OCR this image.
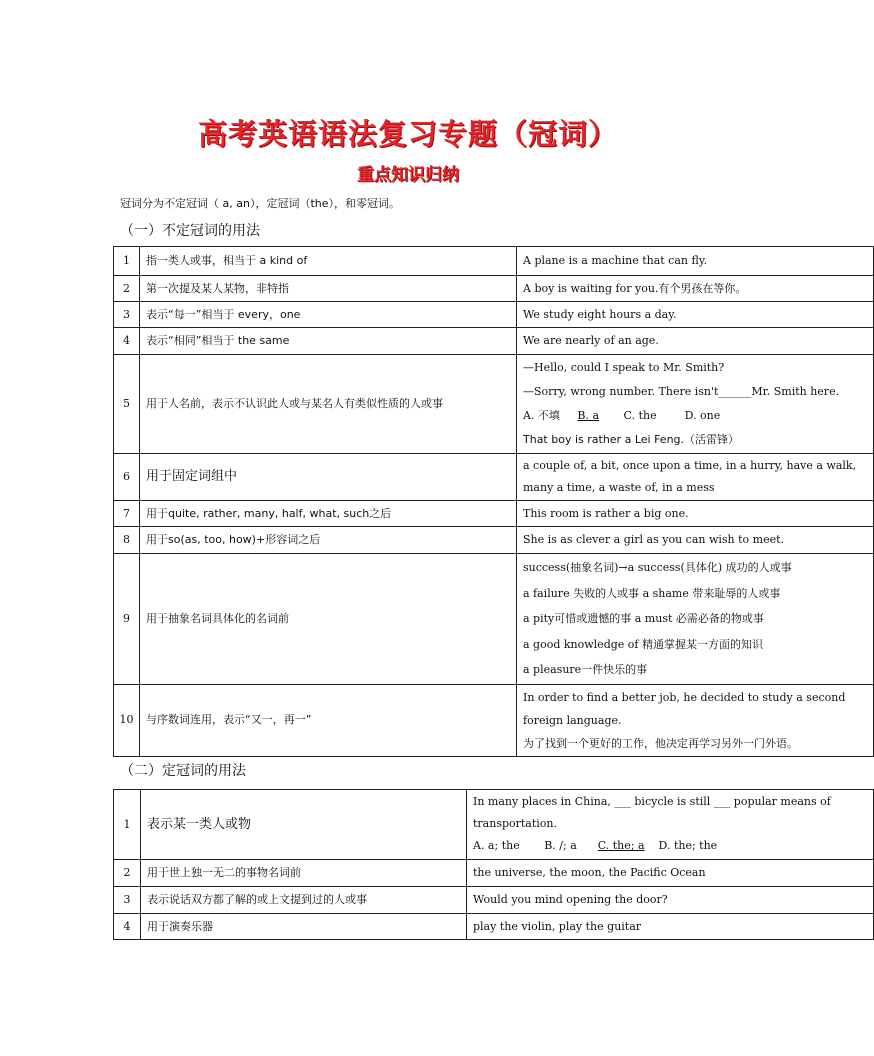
高考英语语法复习专题（冠词）
重点知识归纳
冠词分为不定冠词（ a, an），定冠词（the），和零冠词。
（一）不定冠词的用法
1	指一类人或事，相当于 a kind of	A plane is a machine that can fly.
2	第一次提及某人某物，非特指	A boy is waiting for you.有个男孩在等你。
3	表示“每一”相当于 every，one	We study eight hours a day.
4	表示“相同”相当于 the same	We are nearly of an age.
5	用于人名前，表示不认识此人或与某名人有类似性质的人或事	—Hello, could I speak to Mr. Smith?
—Sorry, wrong number. There isn't______Mr. Smith here.
A. 不填 B. a C. the D. one
That boy is rather a Lei Feng.（活雷锋）

6	用于固定词组中	a couple of, a bit, once upon a time, in a hurry, have a walk,
many a time, a waste of, in a mess

7	用于quite, rather, many, half, what, such之后	This room is rather a big one.
8	用于so(as, too, how)+形容词之后	She is as clever a girl as you can wish to meet.
9	用于抽象名词具体化的名词前	success(抽象名词)→a success(具体化) 成功的人或事
a failure 失败的人或事 a shame 带来耻辱的人或事
a pity可惜或遗憾的事 a must 必需必备的物或事
a good knowledge of 精通掌握某一方面的知识
a pleasure一件快乐的事

10	与序数词连用，表示“又一，再一”	In order to find a better job, he decided to study a second
foreign language.
为了找到一个更好的工作，他决定再学习另外一门外语。
（二）定冠词的用法
1	表示某一类人或物	In many places in China, ___ bicycle is still ___ popular means of
transportation.
A. a; the B. /; a C. the; a D. the; the

2	用于世上独一无二的事物名词前	the universe, the moon, the Pacific Ocean
3	表示说话双方都了解的或上文提到过的人或事	Would you mind opening the door?
4	用于演奏乐器	play the violin, play the guitar
